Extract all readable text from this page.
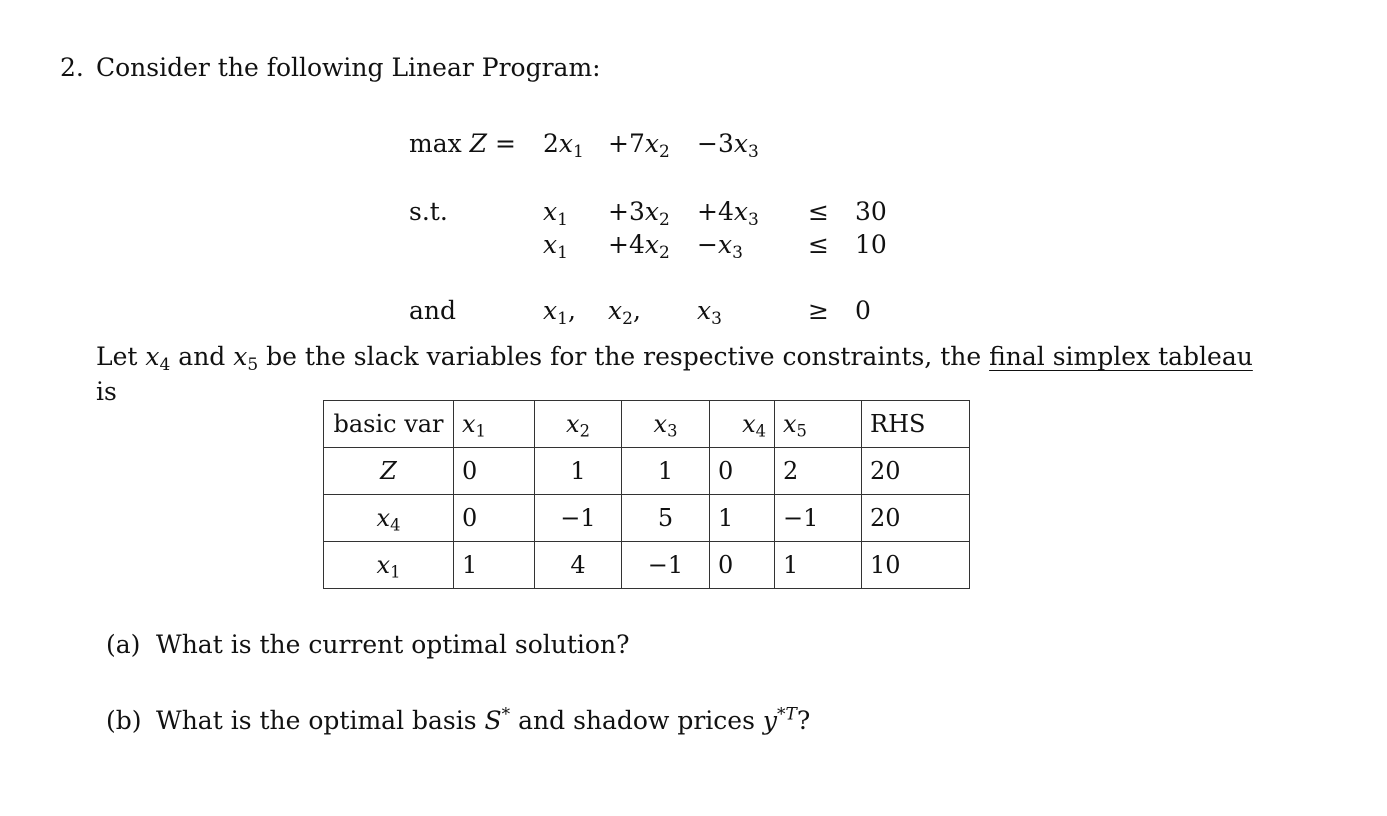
2. Consider the following Linear Program:
$\max Z = 2x_1 +7x_2 -3x_3$
s.t.	$x_1 +3x_2 +4x_3 \le 30$
$x_1 +4x_2 -x_3$	≤ 10
and	$x_1$, $x_2$, $x_3$	≥ 0
Let $x_4$ and $x_5$ be the slack variables for the respective constraints, the final simplex tableau
is
basic var	$x_1$	$x_2$	$x_3$	$x_4$	$x_5$	RHS
Z	0	1	1	0	2	20
$x_4$	0	−1	5	1	−1	20
$x_1$	1	4	−1	0	1	10
(a) What is the current optimal solution?
(b) What is the optimal basis S* and shadow prices $y^{*T}$?
